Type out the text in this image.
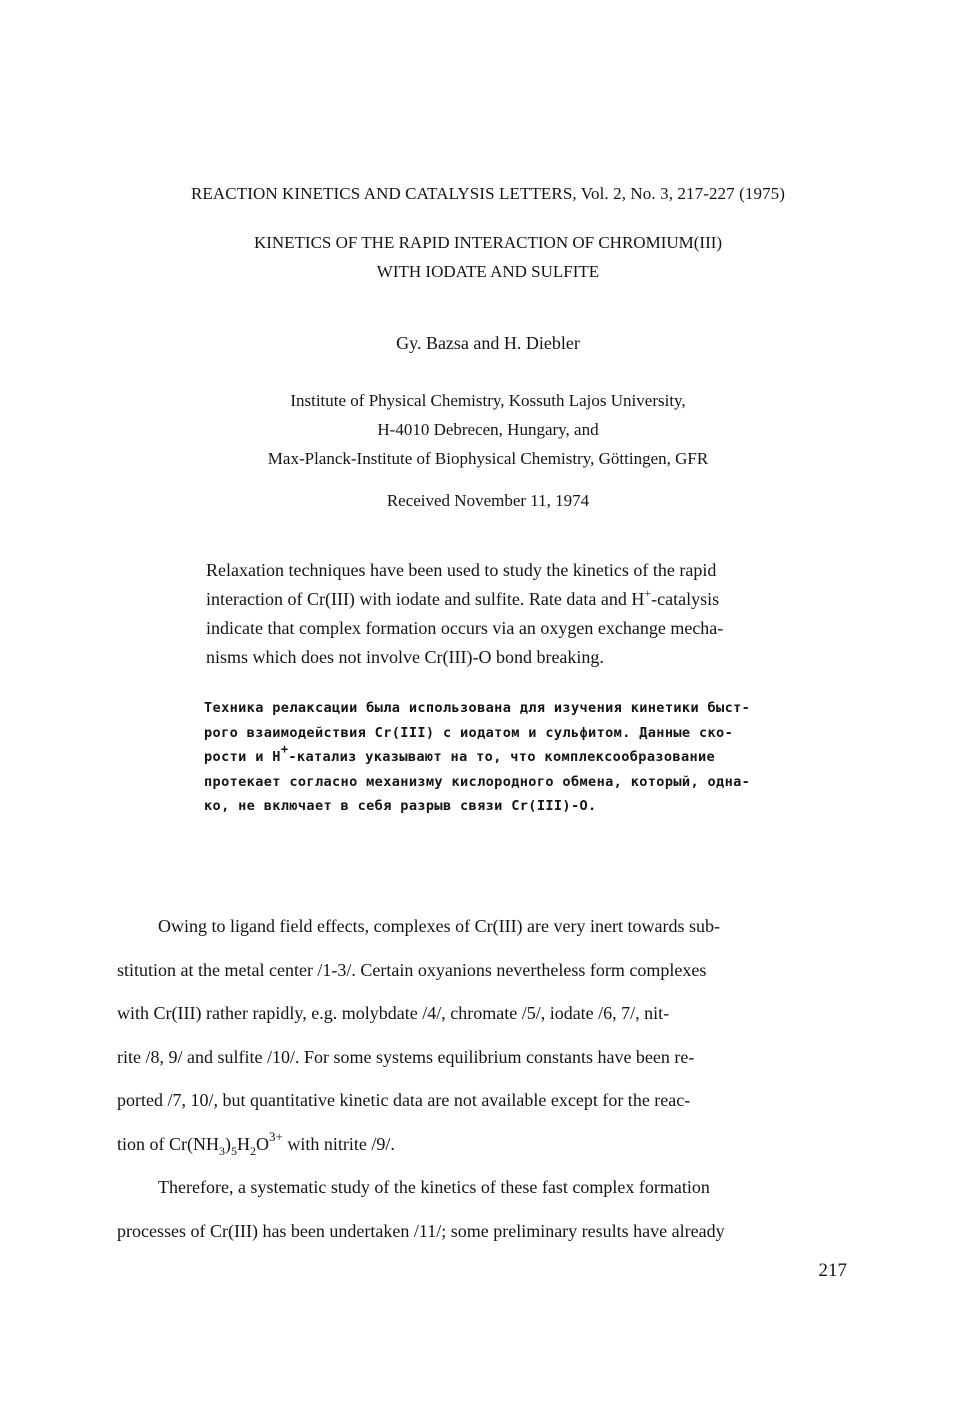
REACTION KINETICS AND CATALYSIS LETTERS, Vol. 2, No. 3, 217-227 (1975)
KINETICS OF THE RAPID INTERACTION OF CHROMIUM(III)
WITH IODATE AND SULFITE
Gy. Bazsa and H. Diebler
Institute of Physical Chemistry, Kossuth Lajos University,
H-4010 Debrecen, Hungary, and
Max-Planck-Institute of Biophysical Chemistry, Göttingen, GFR
Received November 11, 1974
Relaxation techniques have been used to study the kinetics of the rapid
interaction of Cr(III) with iodate and sulfite. Rate data and H+-catalysis
indicate that complex formation occurs via an oxygen exchange mecha-
nisms which does not involve Cr(III)-O bond breaking.
Техника релаксации была использована для изучения кинетики быст-
рого взаимодействия Cr(III) с иодатом и сульфитом. Данные ско-
рости и H+-катализ указывают на то, что комплексообразование
протекает согласно механизму кислородного обмена, который, одна-
ко, не включает в себя разрыв связи Cr(III)-O.
Owing to ligand field effects, complexes of Cr(III) are very inert towards sub-
stitution at the metal center /1-3/. Certain oxyanions nevertheless form complexes
with Cr(III) rather rapidly, e.g. molybdate /4/, chromate /5/, iodate /6, 7/, nit-
rite /8, 9/ and sulfite /10/. For some systems equilibrium constants have been re-
ported /7, 10/, but quantitative kinetic data are not available except for the reac-
tion of $Cr(NH_3)_5H_2O^{3+}$ with nitrite /9/.
Therefore, a systematic study of the kinetics of these fast complex formation
processes of Cr(III) has been undertaken /11/; some preliminary results have already
217
